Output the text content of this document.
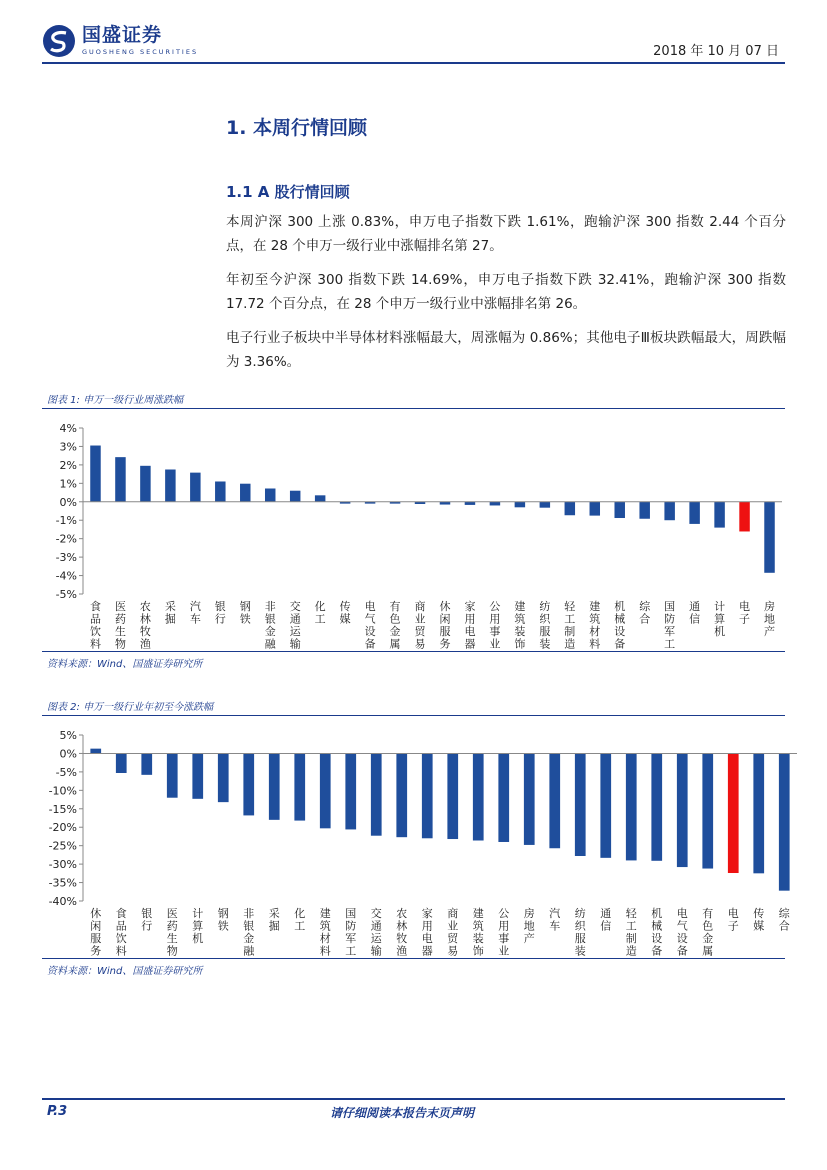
国盛证券
GUOSHENG SECURITIES	2018 年 10 月 07 日
1. 本周行情回顾
1.1 A 股行情回顾
本周沪深 300 上涨 0.83%，申万电子指数下跌 1.61%，跑输沪深 300 指数 2.44 个百分点，在 28 个申万一级行业中涨幅排名第 27。
年初至今沪深 300 指数下跌 14.69%，申万电子指数下跌 32.41%，跑输沪深 300 指数 17.72 个百分点，在 28 个申万一级行业中涨幅排名第 26。
电子行业子板块中半导体材料涨幅最大，周涨幅为 0.86%；其他电子Ⅲ板块跌幅最大，周跌幅为 3.36%。
图表 1: 申万一级行业周涨跌幅
4%
3%
2%
1%
0%
-1%
-2%
-3%
-4%
-5%
食品饮料
医药生物
农林牧渔
采掘
汽车
银行
钢铁
非银金融
交通运输
化工
传媒
电气设备
有色金属
商业贸易
休闲服务
家用电器
公用事业
建筑装饰
纺织服装
轻工制造
建筑材料
机械设备
综合
国防军工
通信
计算机
电子
房地产
资料来源：Wind、国盛证券研究所
图表 2: 申万一级行业年初至今涨跌幅
5%
0%
-5%
-10%
-15%
-20%
-25%
-30%
-35%
-40%
休闲服务
食品饮料
银行
医药生物
计算机
钢铁
非银金融
采掘
化工
建筑材料
国防军工
交通运输
农林牧渔
家用电器
商业贸易
建筑装饰
公用事业
房地产
汽车
纺织服装
通信
轻工制造
机械设备
电气设备
有色金属
电子
传媒
综合
资料来源：Wind、国盛证券研究所
P.3	请仔细阅读本报告末页声明
